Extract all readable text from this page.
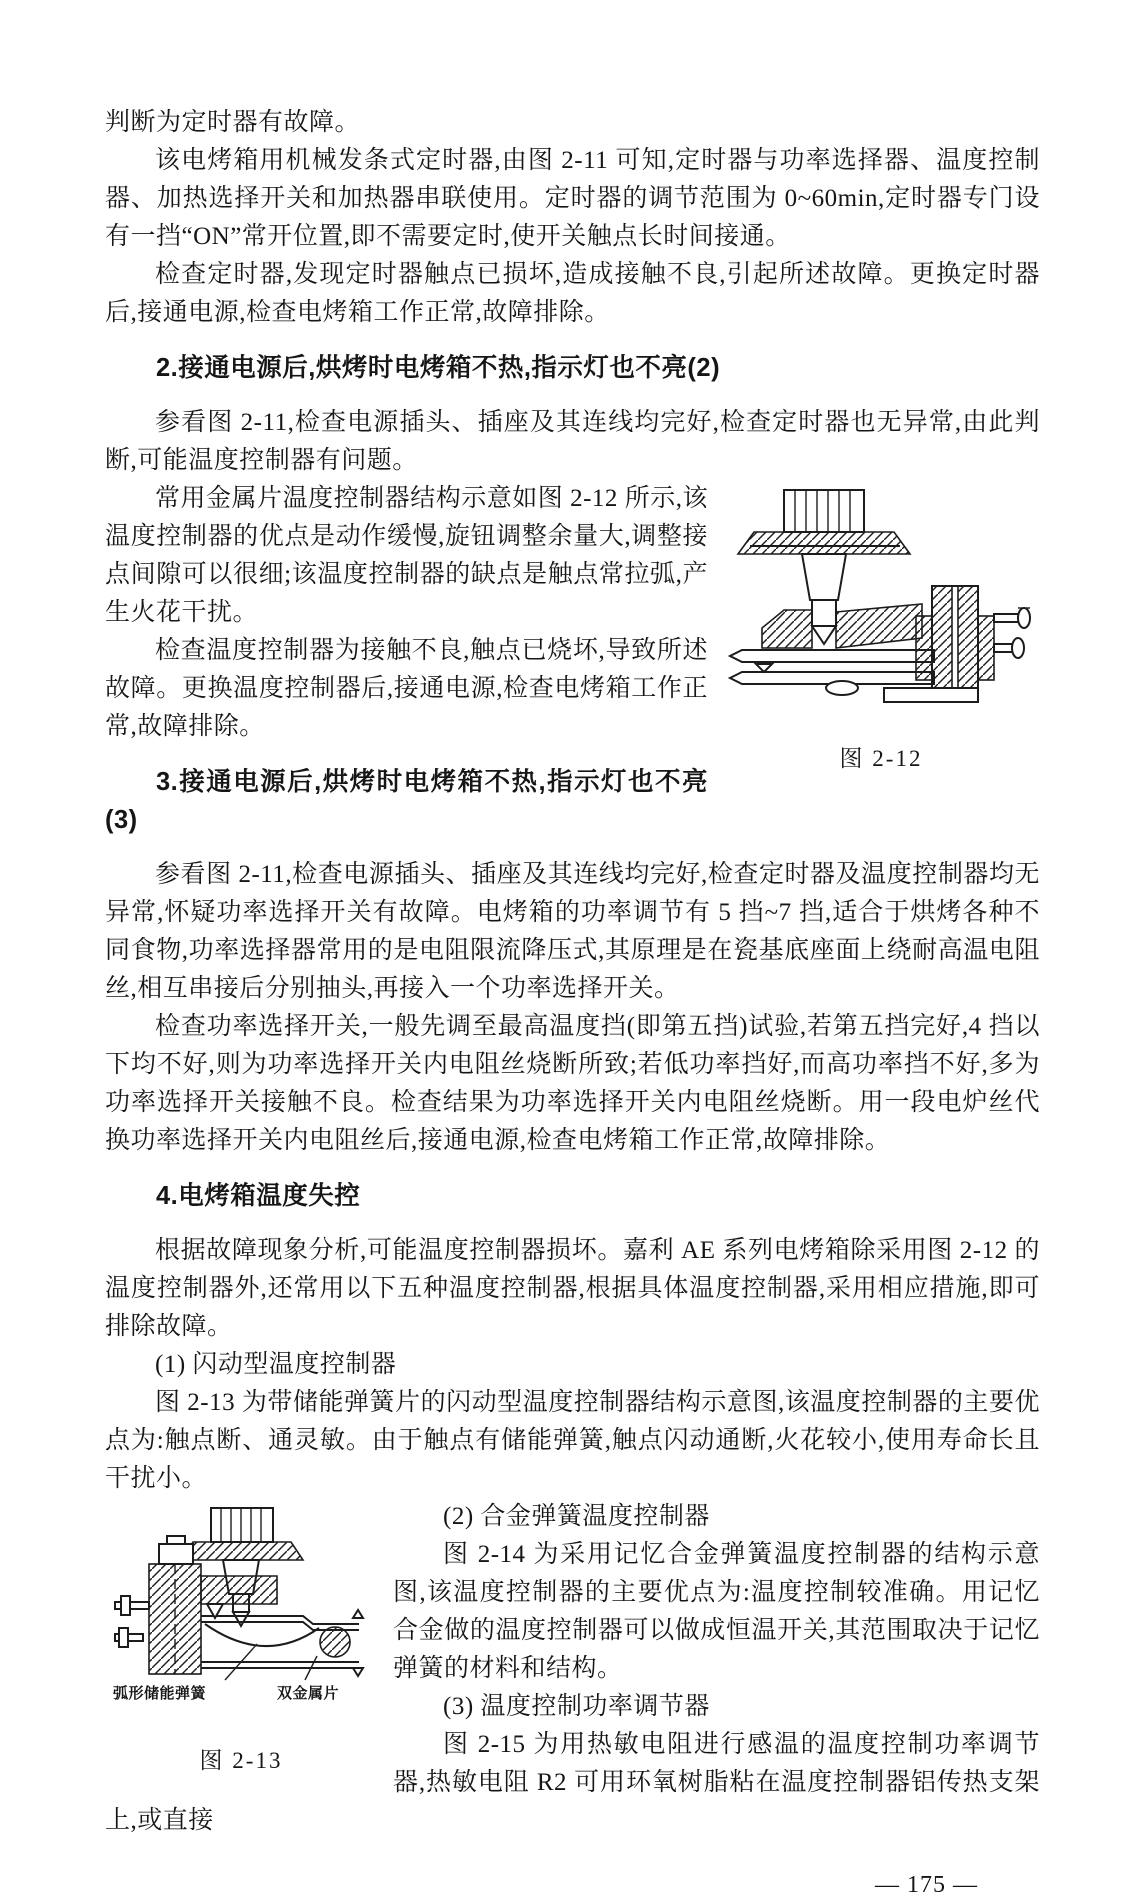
判断为定时器有故障。

该电烤箱用机械发条式定时器,由图 2-11 可知,定时器与功率选择器、温度控制器、加热选择开关和加热器串联使用。定时器的调节范围为 0~60min,定时器专门设有一挡“ON”常开位置,即不需要定时,使开关触点长时间接通。

检查定时器,发现定时器触点已损坏,造成接触不良,引起所述故障。更换定时器后,接通电源,检查电烤箱工作正常,故障排除。

2.接通电源后,烘烤时电烤箱不热,指示灯也不亮(2)

参看图 2-11,检查电源插头、插座及其连线均完好,检查定时器也无异常,由此判断,可能温度控制器有问题。

图 2-12

常用金属片温度控制器结构示意如图 2-12 所示,该温度控制器的优点是动作缓慢,旋钮调整余量大,调整接点间隙可以很细;该温度控制器的缺点是触点常拉弧,产生火花干扰。

检查温度控制器为接触不良,触点已烧坏,导致所述故障。更换温度控制器后,接通电源,检查电烤箱工作正常,故障排除。

3.接通电源后,烘烤时电烤箱不热,指示灯也不亮(3)

参看图 2-11,检查电源插头、插座及其连线均完好,检查定时器及温度控制器均无异常,怀疑功率选择开关有故障。电烤箱的功率调节有 5 挡~7 挡,适合于烘烤各种不同食物,功率选择器常用的是电阻限流降压式,其原理是在瓷基底座面上绕耐高温电阻丝,相互串接后分别抽头,再接入一个功率选择开关。

检查功率选择开关,一般先调至最高温度挡(即第五挡)试验,若第五挡完好,4 挡以下均不好,则为功率选择开关内电阻丝烧断所致;若低功率挡好,而高功率挡不好,多为功率选择开关接触不良。检查结果为功率选择开关内电阻丝烧断。用一段电炉丝代换功率选择开关内电阻丝后,接通电源,检查电烤箱工作正常,故障排除。

4.电烤箱温度失控

根据故障现象分析,可能温度控制器损坏。嘉利 AE 系列电烤箱除采用图 2-12 的温度控制器外,还常用以下五种温度控制器,根据具体温度控制器,采用相应措施,即可排除故障。

(1) 闪动型温度控制器

图 2-13 为带储能弹簧片的闪动型温度控制器结构示意图,该温度控制器的主要优点为:触点断、通灵敏。由于触点有储能弹簧,触点闪动通断,火花较小,使用寿命长且干扰小。

弧形储能弹簧	双金属片
图 2-13

(2) 合金弹簧温度控制器

图 2-14 为采用记忆合金弹簧温度控制器的结构示意图,该温度控制器的主要优点为:温度控制较准确。用记忆合金做的温度控制器可以做成恒温开关,其范围取决于记忆弹簧的材料和结构。

(3) 温度控制功率调节器

图 2-15 为用热敏电阻进行感温的温度控制功率调节器,热敏电阻 R2 可用环氧树脂粘在温度控制器铝传热支架上,或直接

— 175 —
